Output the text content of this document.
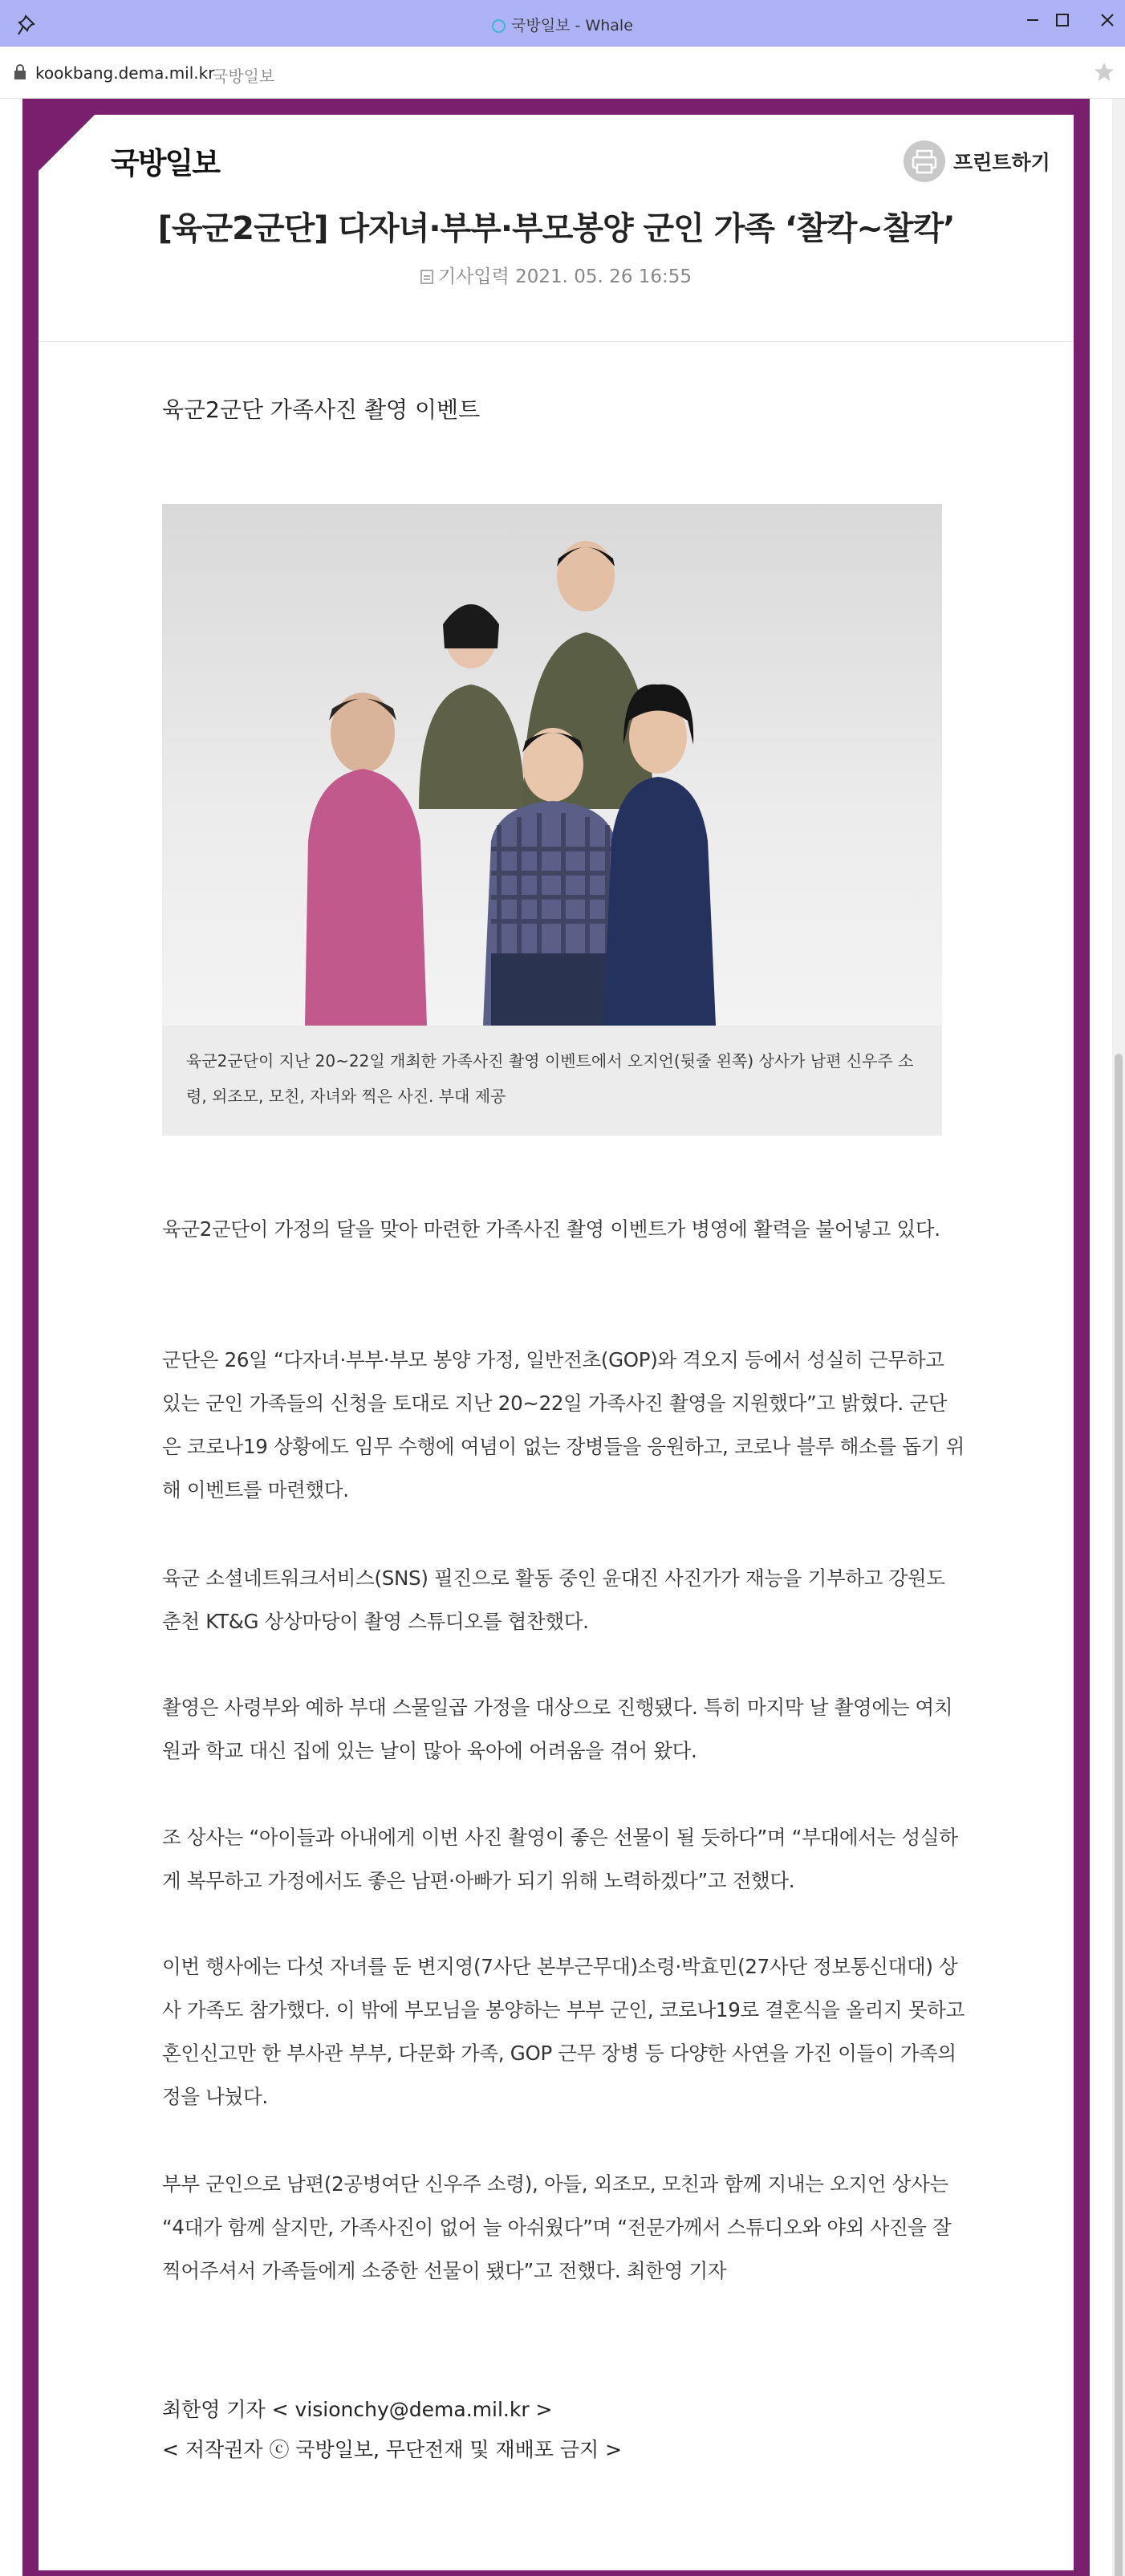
국방일보 - Whale
kookbang.dema.mil.kr
국방일보
국방일보	프린트하기
[육군2군단] 다자녀·부부·부모봉양 군인 가족 ‘찰칵~찰칵’
기사입력 2021. 05. 26 16:55
육군2군단 가족사진 촬영 이벤트
육군2군단이 지난 20~22일 개최한 가족사진 촬영 이벤트에서 오지언(뒷줄 왼쪽) 상사가 남편 신우주 소령, 외조모, 모친, 자녀와 찍은 사진. 부대 제공

육군2군단이 가정의 달을 맞아 마련한 가족사진 촬영 이벤트가 병영에 활력을 불어넣고 있다.

군단은 26일 “다자녀·부부·부모 봉양 가정, 일반전초(GOP)와 격오지 등에서 성실히 근무하고 있는 군인 가족들의 신청을 토대로 지난 20~22일 가족사진 촬영을 지원했다”고 밝혔다. 군단은 코로나19 상황에도 임무 수행에 여념이 없는 장병들을 응원하고, 코로나 블루 해소를 돕기 위해 이벤트를 마련했다.

육군 소셜네트워크서비스(SNS) 필진으로 활동 중인 윤대진 사진가가 재능을 기부하고 강원도 춘천 KT&G 상상마당이 촬영 스튜디오를 협찬했다.

촬영은 사령부와 예하 부대 스물일곱 가정을 대상으로 진행됐다. 특히 마지막 날 촬영에는 여치원과 학교 대신 집에 있는 날이 많아 육아에 어려움을 겪어 왔다.

조 상사는 “아이들과 아내에게 이번 사진 촬영이 좋은 선물이 될 듯하다”며 “부대에서는 성실하게 복무하고 가정에서도 좋은 남편·아빠가 되기 위해 노력하겠다”고 전했다.

이번 행사에는 다섯 자녀를 둔 변지영(7사단 본부근무대)소령·박효민(27사단 정보통신대대) 상사 가족도 참가했다. 이 밖에 부모님을 봉양하는 부부 군인, 코로나19로 결혼식을 올리지 못하고 혼인신고만 한 부사관 부부, 다문화 가족, GOP 근무 장병 등 다양한 사연을 가진 이들이 가족의 정을 나눴다.

부부 군인으로 남편(2공병여단 신우주 소령), 아들, 외조모, 모친과 함께 지내는 오지언 상사는 “4대가 함께 살지만, 가족사진이 없어 늘 아쉬웠다”며 “전문가께서 스튜디오와 야외 사진을 잘 찍어주셔서 가족들에게 소중한 선물이 됐다”고 전했다. 최한영 기자

최한영 기자 < visionchy@dema.mil.kr >
< 저작권자 ⓒ 국방일보, 무단전재 및 재배포 금지 >
